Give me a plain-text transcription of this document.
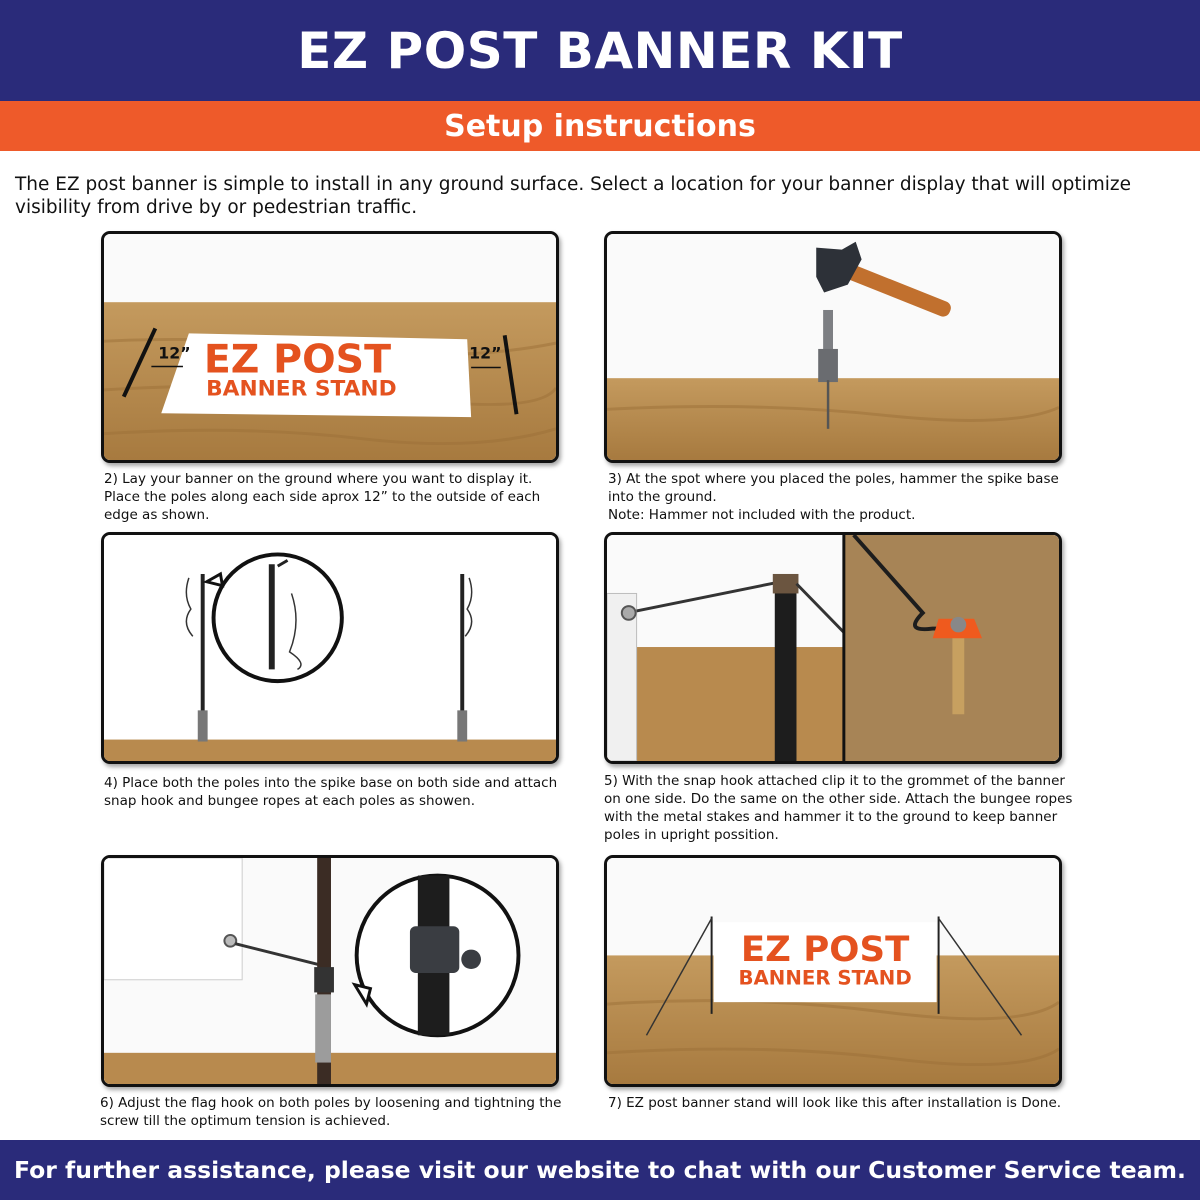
EZ POST BANNER KIT
Setup instructions

The EZ post banner is simple to install in any ground surface. Select a location for your banner display that will optimize visibility from drive by or pedestrian traffic.

EZ POST
BANNER STAND
12”	12”

2) Lay your banner on the ground where you want to display it. Place the poles along each side aprox 12” to the outside of each edge as shown.

3) At the spot where you placed the poles, hammer the spike base into the ground.
Note: Hammer not included with the product.

4) Place both the poles into the spike base on both side and attach snap hook and bungee ropes at each poles as showen.

5) With the snap hook attached clip it to the grommet of the banner on one side. Do the same on the other side. Attach the bungee ropes with the metal stakes and hammer it to the ground to keep banner poles in upright possition.

6) Adjust the flag hook on both poles by loosening and tightning the screw till the optimum tension is achieved.

EZ POST
BANNER STAND

7) EZ post banner stand will look like this after installation is Done.

For further assistance, please visit our website to chat with our Customer Service team.
